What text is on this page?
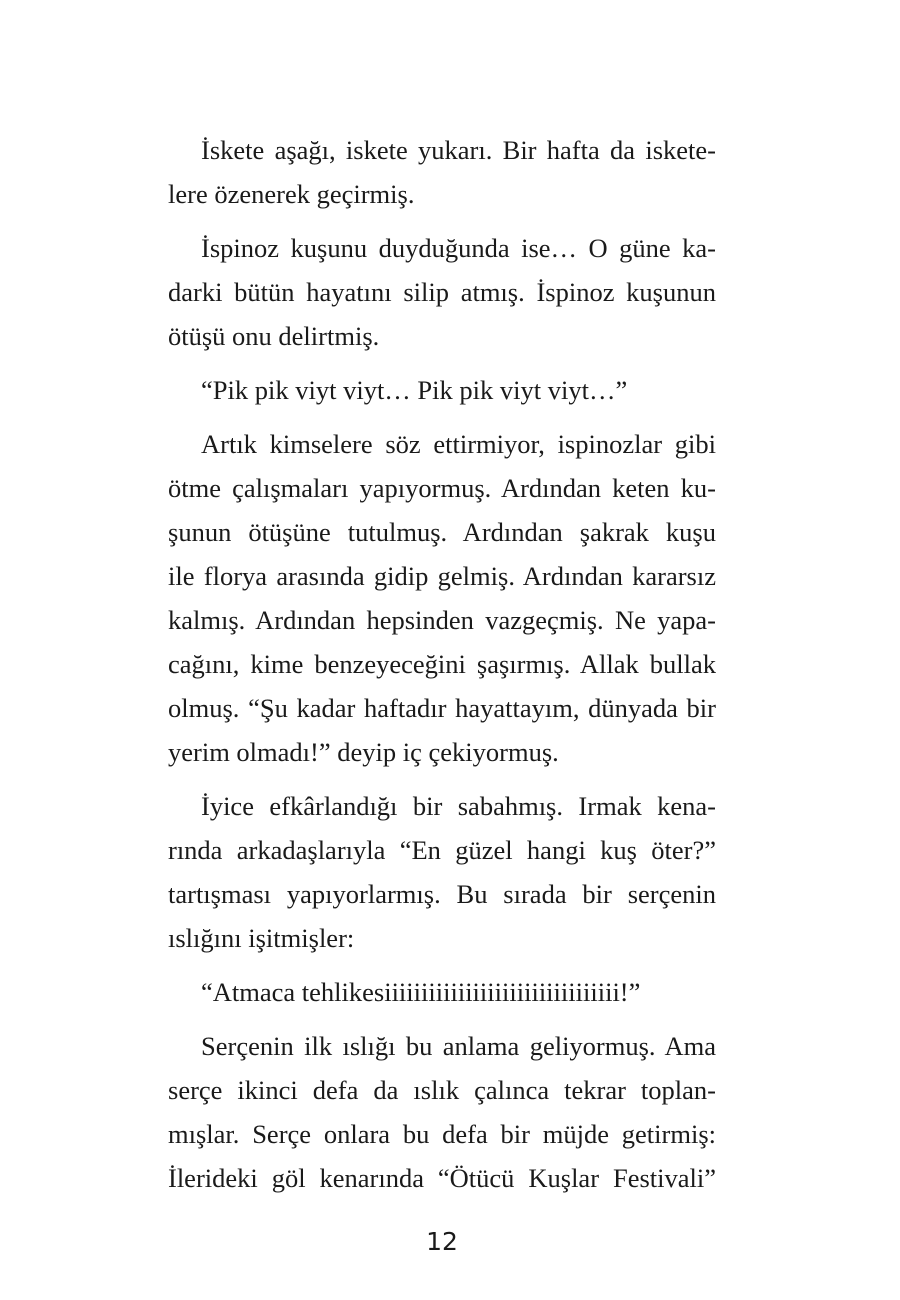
İskete aşağı, iskete yukarı. Bir hafta da iskete-
lere özenerek geçirmiş.

İspinoz kuşunu duyduğunda ise… O güne ka-
darki bütün hayatını silip atmış. İspinoz kuşunun
ötüşü onu delirtmiş.

“Pik pik viyt viyt… Pik pik viyt viyt…”

Artık kimselere söz ettirmiyor, ispinozlar gibi
ötme çalışmaları yapıyormuş. Ardından keten ku-
şunun ötüşüne tutulmuş. Ardından şakrak kuşu
ile florya arasında gidip gelmiş. Ardından kararsız
kalmış. Ardından hepsinden vazgeçmiş. Ne yapa-
cağını, kime benzeyeceğini şaşırmış. Allak bullak
olmuş. “Şu kadar haftadır hayattayım, dünyada bir
yerim olmadı!” deyip iç çekiyormuş.

İyice efkârlandığı bir sabahmış. Irmak kena-
rında arkadaşlarıyla “En güzel hangi kuş öter?”
tartışması yapıyorlarmış. Bu sırada bir serçenin
ıslığını işitmişler:

“Atmaca tehlikesiiiiiiiiiiiiiiiiiiiiiiiiiiiiiiii!”

Serçenin ilk ıslığı bu anlama geliyormuş. Ama
serçe ikinci defa da ıslık çalınca tekrar toplan-
mışlar. Serçe onlara bu defa bir müjde getirmiş:
İlerideki göl kenarında “Ötücü Kuşlar Festivali”

12
